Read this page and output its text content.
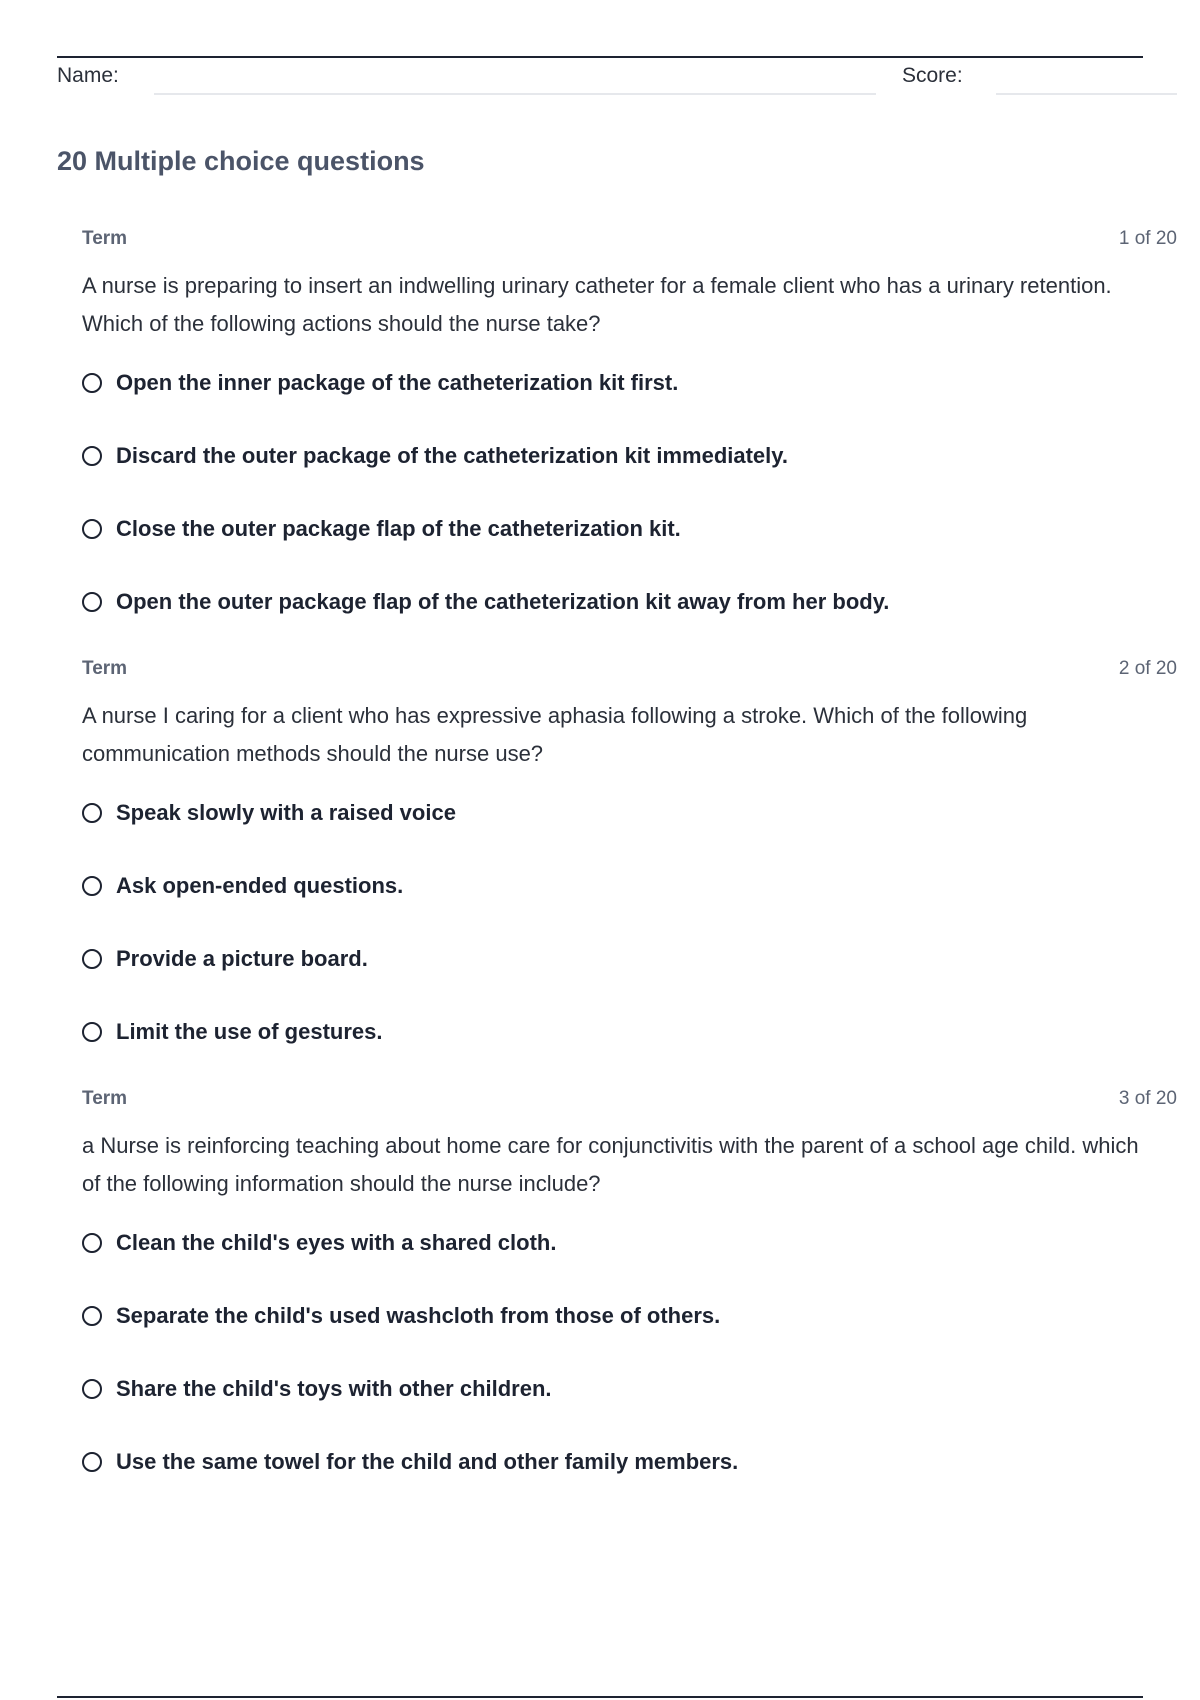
Name:	Score:
20 Multiple choice questions
Term	1 of 20
A nurse is preparing to insert an indwelling urinary catheter for a female client who has a urinary retention. Which of the following actions should the nurse take?
Open the inner package of the catheterization kit first.
Discard the outer package of the catheterization kit immediately.
Close the outer package flap of the catheterization kit.
Open the outer package flap of the catheterization kit away from her body.
Term	2 of 20
A nurse I caring for a client who has expressive aphasia following a stroke. Which of the following communication methods should the nurse use?
Speak slowly with a raised voice
Ask open-ended questions.
Provide a picture board.
Limit the use of gestures.
Term	3 of 20
a Nurse is reinforcing teaching about home care for conjunctivitis with the parent of a school age child. which of the following information should the nurse include?
Clean the child's eyes with a shared cloth.
Separate the child's used washcloth from those of others.
Share the child's toys with other children.
Use the same towel for the child and other family members.
